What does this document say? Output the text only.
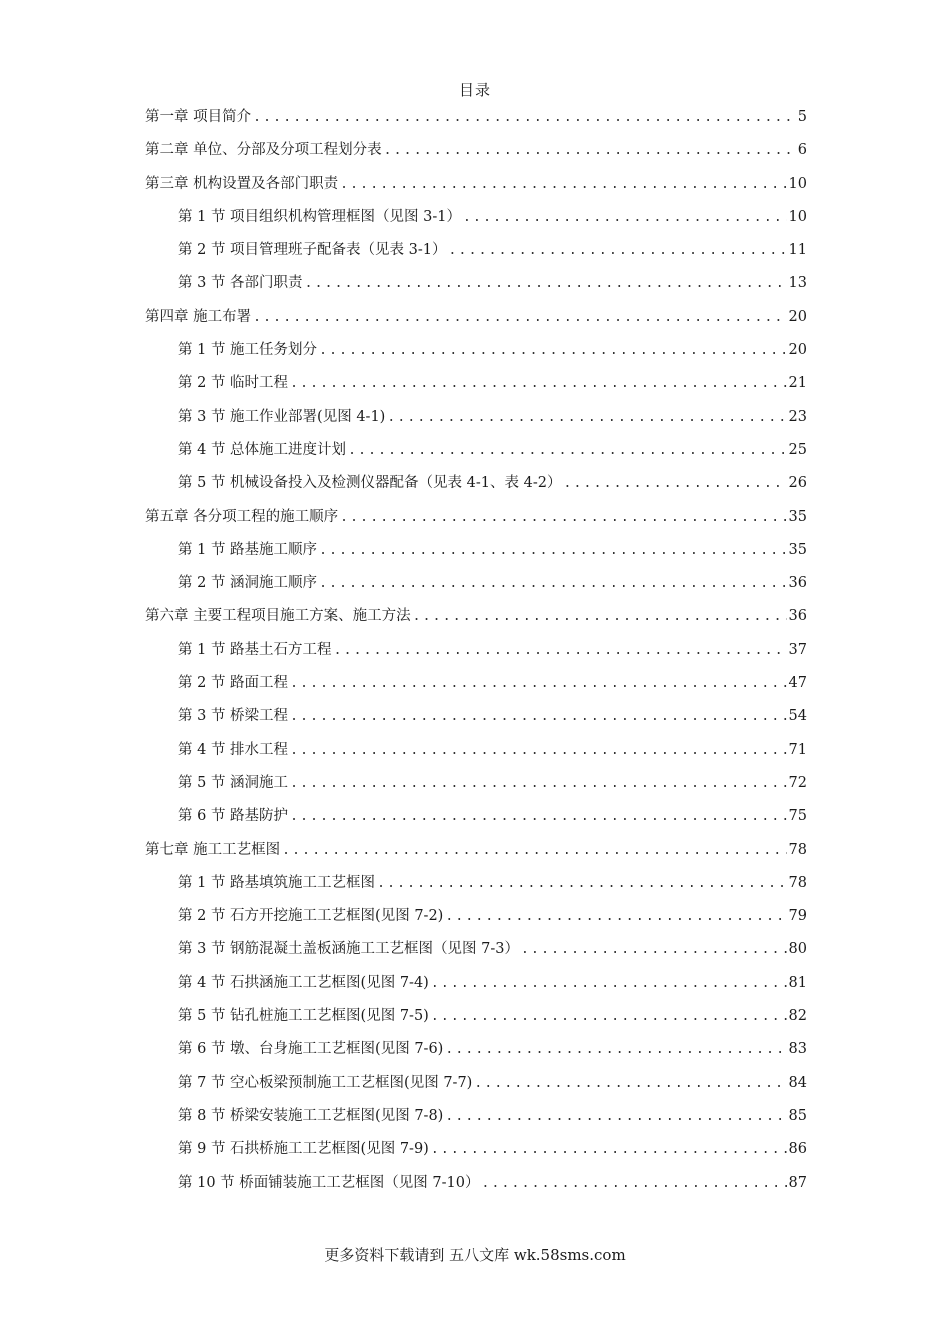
目录
第一章 项目简介 .....	5
第二章 单位、分部及分项工程划分表 .....	6
第三章 机构设置及各部门职责 .....	10
第 1 节 项目组织机构管理框图（见图 3-1） .....	10
第 2 节 项目管理班子配备表（见表 3-1） .....	11
第 3 节 各部门职责 .....	13
第四章 施工布署 .....	20
第 1 节 施工任务划分 .....	20
第 2 节 临时工程 .....	21
第 3 节 施工作业部署(见图 4-1) .....	23
第 4 节 总体施工进度计划 .....	25
第 5 节 机械设备投入及检测仪器配备（见表 4-1、表 4-2） .....	26
第五章 各分项工程的施工顺序 .....	35
第 1 节 路基施工顺序 .....	35
第 2 节 涵洞施工顺序 .....	36
第六章 主要工程项目施工方案、施工方法 .....	36
第 1 节 路基土石方工程 .....	37
第 2 节 路面工程 .....	47
第 3 节 桥梁工程 .....	54
第 4 节 排水工程 .....	71
第 5 节 涵洞施工 .....	72
第 6 节 路基防护 .....	75
第七章 施工工艺框图 .....	78
第 1 节 路基填筑施工工艺框图 .....	78
第 2 节 石方开挖施工工艺框图(见图 7-2) .....	79
第 3 节 钢筋混凝土盖板涵施工工艺框图（见图 7-3） .....	80
第 4 节 石拱涵施工工艺框图(见图 7-4) .....	81
第 5 节 钻孔桩施工工艺框图(见图 7-5) .....	82
第 6 节 墩、台身施工工艺框图(见图 7-6) .....	83
第 7 节 空心板梁预制施工工艺框图(见图 7-7) .....	84
第 8 节 桥梁安装施工工艺框图(见图 7-8) .....	85
第 9 节 石拱桥施工工艺框图(见图 7-9) .....	86
第 10 节 桥面铺装施工工艺框图（见图 7-10） .....	87
更多资料下载请到 五八文库 wk.58sms.com
